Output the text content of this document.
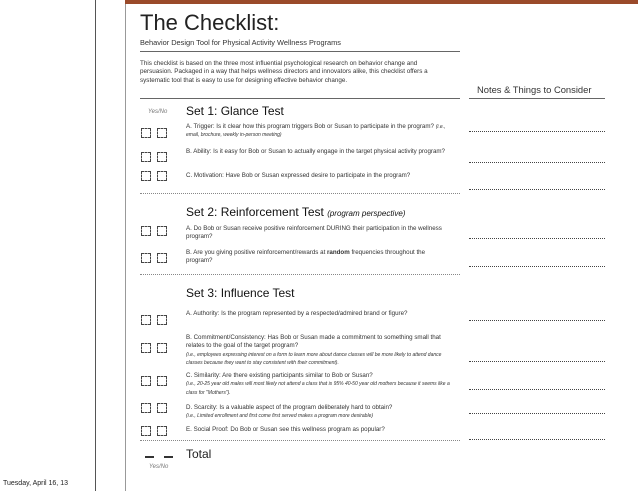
The Checklist:
Behavior Design Tool for Physical Activity Wellness Programs
This checklist is based on the three most influential psychological research on behavior change and persuasion. Packaged in a way that helps wellness directors and innovators alike, this checklist offers a systematic tool that is easy to use for designing effective behavior change.
Notes & Things to Consider
Yes/No Set 1: Glance Test
A. Trigger: Is it clear how this program triggers Bob or Susan to participate in the program? (i.e., email, brochure, weekly in-person meeting)
B. Ability: Is it easy for Bob or Susan to actually engage in the target physical activity program?
C. Motivation: Have Bob or Susan expressed desire to participate in the program?
Set 2: Reinforcement Test (program perspective)
A. Do Bob or Susan receive positive reinforcement DURING their participation in the wellness program?
B. Are you giving positive reinforcement/rewards at random frequencies throughout the program?
Set 3: Influence Test
A. Authority: Is the program represented by a respected/admired brand or figure?
B. Commitment/Consistency: Has Bob or Susan made a commitment to something small that relates to the goal of the target program?
(i.e., employees expressing interest on a form to learn more about dance classes will be more likely to attend dance classes because they want to stay consistent with their commitment).
C. Similarity: Are there existing participants similar to Bob or Susan?
(i.e., 20-25 year old males will most likely not attend a class that is 95% 40-50 year old mothers because it seems like a class for "Mothers").
D. Scarcity: Is a valuable aspect of the program deliberately hard to obtain?
(i.e., Limited enrollment and first come first served makes a program more desirable)
E. Social Proof: Do Bob or Susan see this wellness program as popular?
Total
Yes/No
Tuesday, April 16, 13
